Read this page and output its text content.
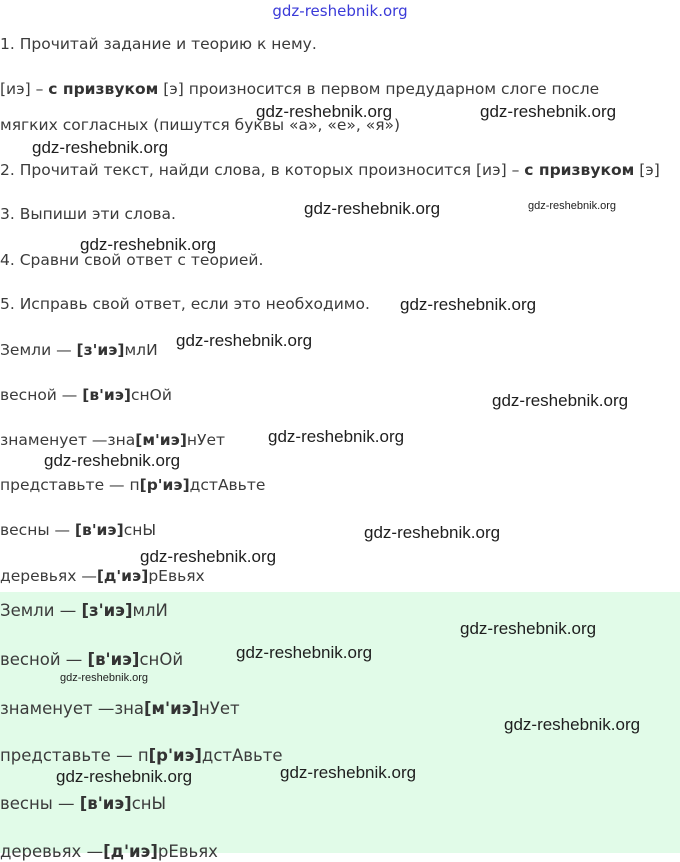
gdz-reshebnik.org
1. Прочитай задание и теорию к нему.
[иэ] – с призвуком [э] произносится в первом предударном слоге после
мягких согласных (пишутся буквы «а», «е», «я»)
2. Прочитай текст, найди слова, в которых произносится [иэ] – с призвуком [э]
3. Выпиши эти слова.
4. Сравни свой ответ с теорией.
5. Исправь свой ответ, если это необходимо.
Земли — [з'иэ]млИ
весной — [в'иэ]снОй
знаменует —зна[м'иэ]нУет
представьте — п[р'иэ]дстАвьте
весны — [в'иэ]снЫ
деревьях —[д'иэ]рЕвьях
Земли — [з'иэ]млИ
весной — [в'иэ]снОй
знаменует —зна[м'иэ]нУет
представьте — п[р'иэ]дстАвьте
весны — [в'иэ]снЫ
деревьях —[д'иэ]рЕвьях
gdz-reshebnik.org	gdz-reshebnik.org
gdz-reshebnik.org
gdz-reshebnik.org	gdz-reshebnik.org
gdz-reshebnik.org
gdz-reshebnik.org
gdz-reshebnik.org
gdz-reshebnik.org
gdz-reshebnik.org
gdz-reshebnik.org
gdz-reshebnik.org
gdz-reshebnik.org
gdz-reshebnik.org
gdz-reshebnik.org
gdz-reshebnik.org
gdz-reshebnik.org
gdz-reshebnik.org
gdz-reshebnik.org
